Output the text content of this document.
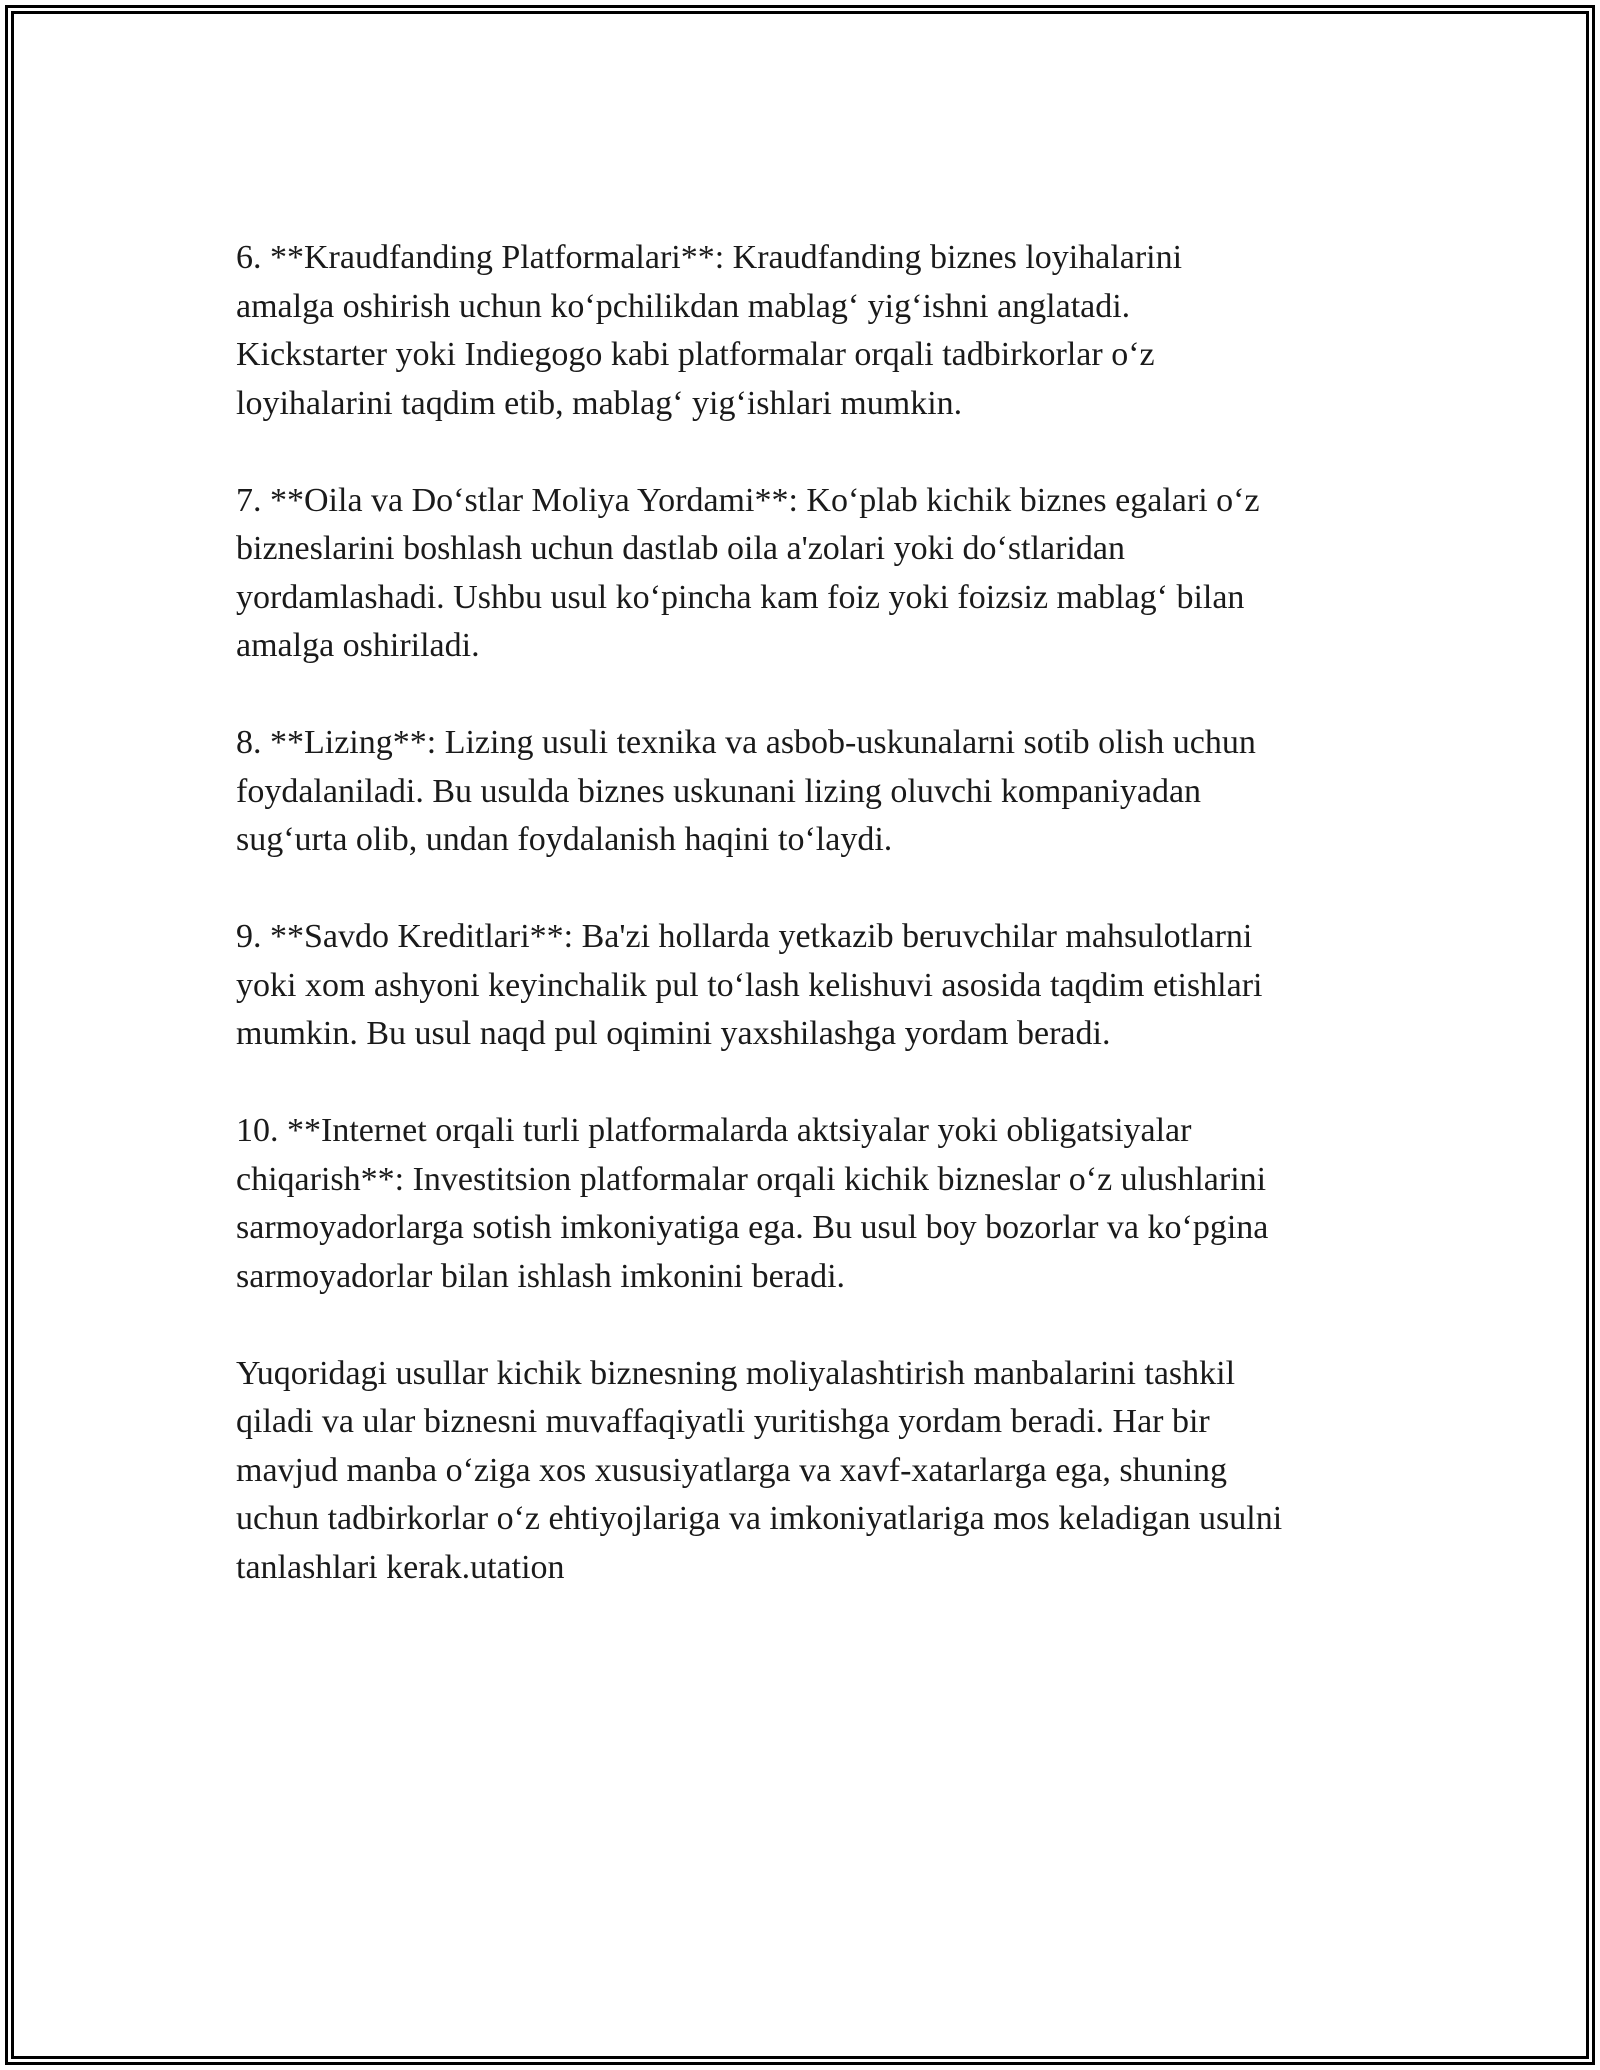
6. **Kraudfanding Platformalari**: Kraudfanding biznes loyihalarini
amalga oshirish uchun ko‘pchilikdan mablag‘ yig‘ishni anglatadi.
Kickstarter yoki Indiegogo kabi platformalar orqali tadbirkorlar o‘z
loyihalarini taqdim etib, mablag‘ yig‘ishlari mumkin.

7. **Oila va Do‘stlar Moliya Yordami**: Ko‘plab kichik biznes egalari o‘z
bizneslarini boshlash uchun dastlab oila a'zolari yoki do‘stlaridan
yordamlashadi. Ushbu usul ko‘pincha kam foiz yoki foizsiz mablag‘ bilan
amalga oshiriladi.

8. **Lizing**: Lizing usuli texnika va asbob-uskunalarni sotib olish uchun
foydalaniladi. Bu usulda biznes uskunani lizing oluvchi kompaniyadan
sug‘urta olib, undan foydalanish haqini to‘laydi.

9. **Savdo Kreditlari**: Ba'zi hollarda yetkazib beruvchilar mahsulotlarni
yoki xom ashyoni keyinchalik pul to‘lash kelishuvi asosida taqdim etishlari
mumkin. Bu usul naqd pul oqimini yaxshilashga yordam beradi.

10. **Internet orqali turli platformalarda aktsiyalar yoki obligatsiyalar
chiqarish**: Investitsion platformalar orqali kichik bizneslar o‘z ulushlarini
sarmoyadorlarga sotish imkoniyatiga ega. Bu usul boy bozorlar va ko‘pgina
sarmoyadorlar bilan ishlash imkonini beradi.

Yuqoridagi usullar kichik biznesning moliyalashtirish manbalarini tashkil
qiladi va ular biznesni muvaffaqiyatli yuritishga yordam beradi. Har bir
mavjud manba o‘ziga xos xususiyatlarga va xavf-xatarlarga ega, shuning
uchun tadbirkorlar o‘z ehtiyojlariga va imkoniyatlariga mos keladigan usulni
tanlashlari kerak.utation
